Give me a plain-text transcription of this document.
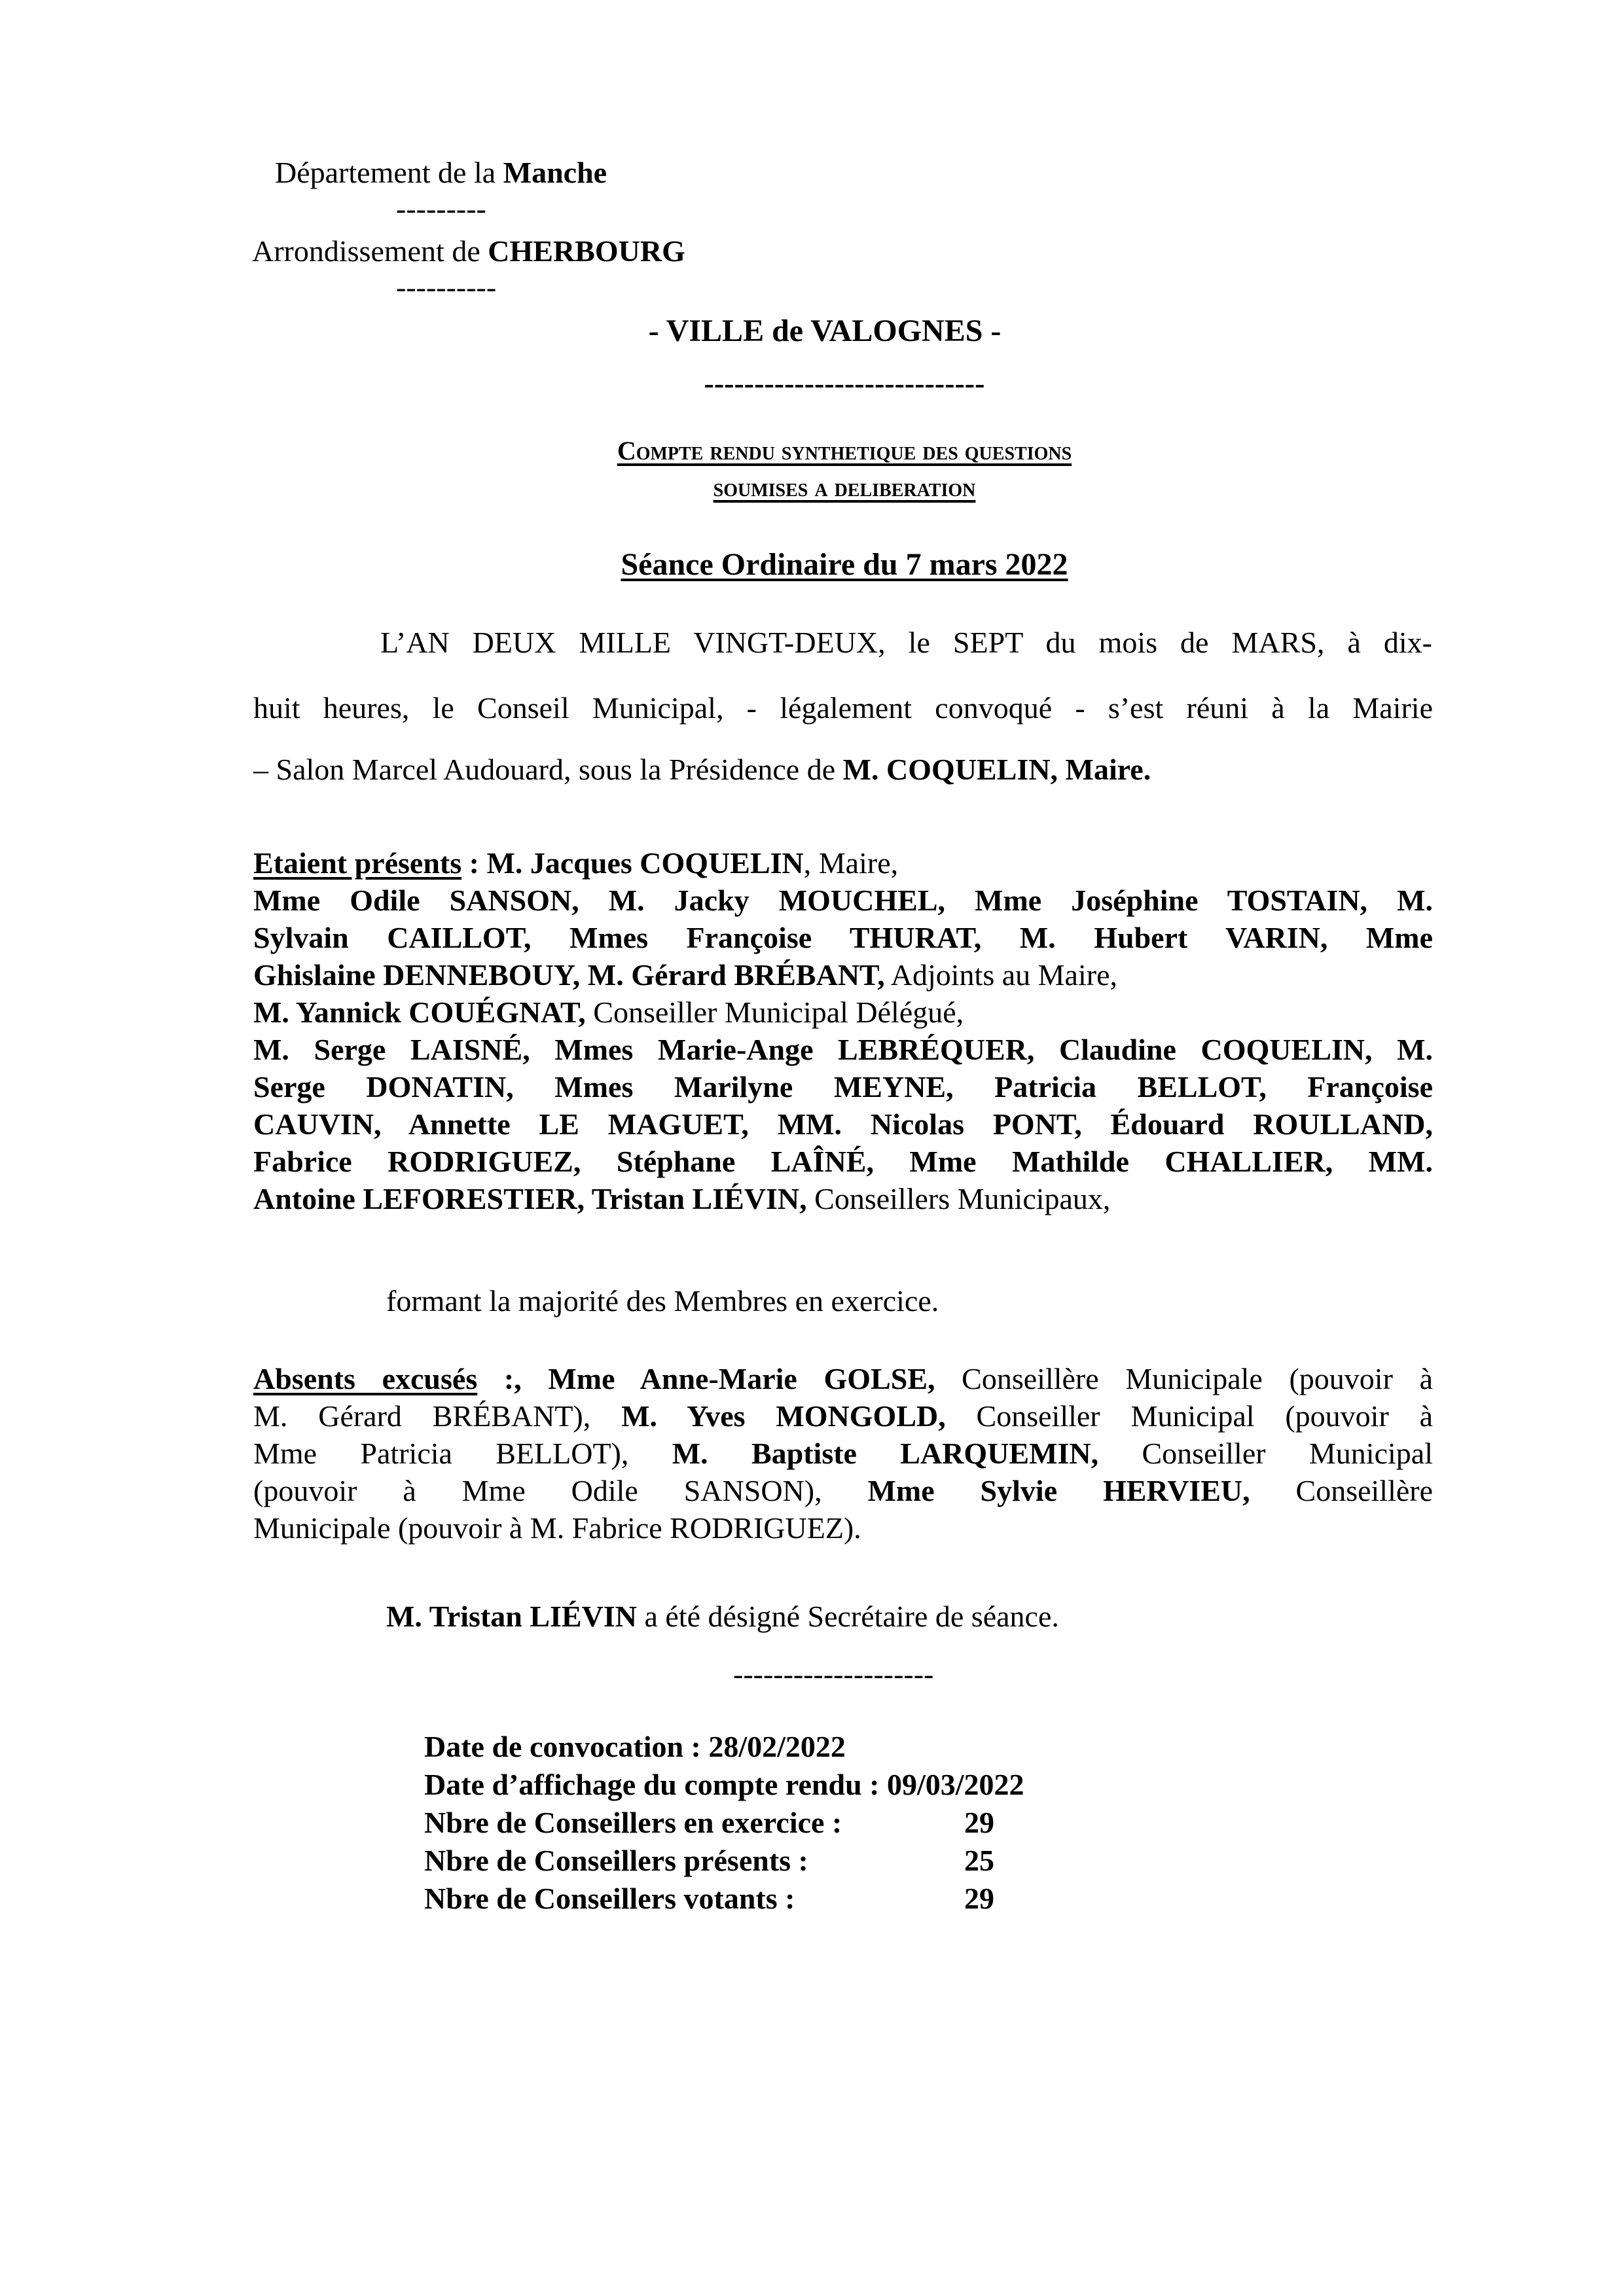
Département de la Manche
---------
Arrondissement de CHERBOURG
----------
- VILLE de VALOGNES -
----------------------------
Compte rendu synthetique des questions
soumises a deliberation
Séance Ordinaire du 7 mars 2022
L’AN DEUX MILLE VINGT-DEUX, le SEPT du mois de MARS, à dix-
huit heures, le Conseil Municipal, - légalement convoqué - s’est réuni à la Mairie
– Salon Marcel Audouard, sous la Présidence de M. COQUELIN, Maire.
Etaient présents : M. Jacques COQUELIN, Maire,
Mme Odile SANSON, M. Jacky MOUCHEL, Mme Joséphine TOSTAIN, M.
Sylvain CAILLOT, Mmes Françoise THURAT, M. Hubert VARIN, Mme
Ghislaine DENNEBOUY, M. Gérard BRÉBANT, Adjoints au Maire,
M. Yannick COUÉGNAT, Conseiller Municipal Délégué,
M. Serge LAISNÉ, Mmes Marie-Ange LEBRÉQUER, Claudine COQUELIN, M.
Serge DONATIN, Mmes Marilyne MEYNE, Patricia BELLOT, Françoise
CAUVIN, Annette LE MAGUET, MM. Nicolas PONT, Édouard ROULLAND,
Fabrice RODRIGUEZ, Stéphane LAÎNÉ, Mme Mathilde CHALLIER, MM.
Antoine LEFORESTIER, Tristan LIÉVIN, Conseillers Municipaux,
formant la majorité des Membres en exercice.
Absents excusés :, Mme Anne-Marie GOLSE, Conseillère Municipale (pouvoir à
M. Gérard BRÉBANT), M. Yves MONGOLD, Conseiller Municipal (pouvoir à
Mme Patricia BELLOT), M. Baptiste LARQUEMIN, Conseiller Municipal
(pouvoir à Mme Odile SANSON), Mme Sylvie HERVIEU, Conseillère
Municipale (pouvoir à M. Fabrice RODRIGUEZ).
M. Tristan LIÉVIN a été désigné Secrétaire de séance.
--------------------
Date de convocation : 28/02/2022
Date d’affichage du compte rendu : 09/03/2022
Nbre de Conseillers en exercice :	29
Nbre de Conseillers présents :	25
Nbre de Conseillers votants :	29
